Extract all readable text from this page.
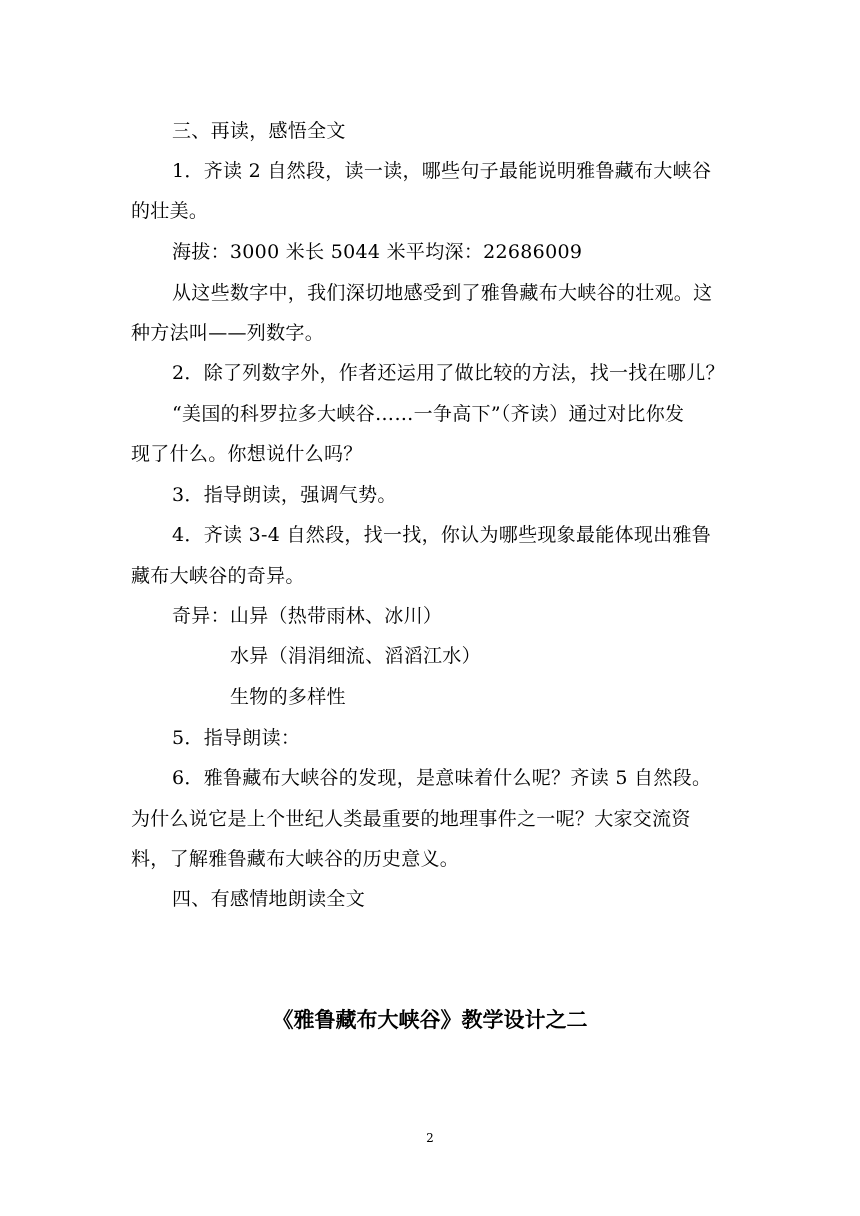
三、再读，感悟全文
1．齐读 2 自然段，读一读，哪些句子最能说明雅鲁藏布大峡谷
的壮美。
海拔：3000 米长 5044 米平均深：22686009
从这些数字中，我们深切地感受到了雅鲁藏布大峡谷的壮观。这
种方法叫——列数字。
2．除了列数字外，作者还运用了做比较的方法，找一找在哪儿？
“美国的科罗拉多大峡谷……一争高下”（齐读）通过对比你发
现了什么。你想说什么吗？
3．指导朗读，强调气势。
4．齐读 3-4 自然段，找一找，你认为哪些现象最能体现出雅鲁
藏布大峡谷的奇异。
奇异：山异（热带雨林、冰川）
水异（涓涓细流、滔滔江水）
生物的多样性
5．指导朗读：
6．雅鲁藏布大峡谷的发现，是意味着什么呢？齐读 5 自然段。
为什么说它是上个世纪人类最重要的地理事件之一呢？大家交流资
料，了解雅鲁藏布大峡谷的历史意义。
四、有感情地朗读全文
《雅鲁藏布大峡谷》教学设计之二
2
